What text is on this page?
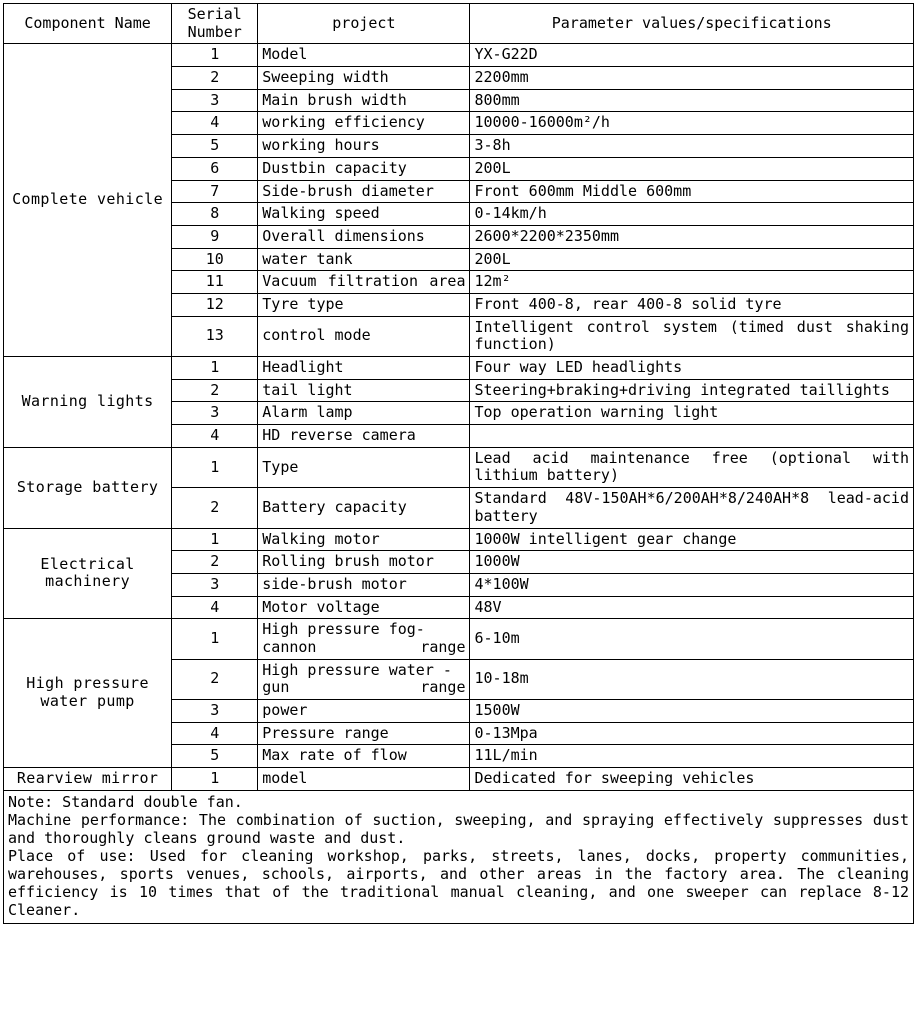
Component Name	Serial Number	project	Parameter values/specifications
Complete vehicle	1	Model	YX-G22D
	2	Sweeping width	2200mm
	3	Main brush width	800mm
	4	working efficiency	10000-16000m²/h
	5	working hours	3-8h
	6	Dustbin capacity	200L
	7	Side-brush diameter	Front 600mm Middle 600mm
	8	Walking speed	0-14km/h
	9	Overall dimensions	2600*2200*2350mm
	10	water tank	200L
	11	Vacuum filtration area	12m²
	12	Tyre type	Front 400-8, rear 400-8 solid tyre
	13	control mode	Intelligent control system (timed dust shaking function)
Warning lights	1	Headlight	Four way LED headlights
	2	tail light	Steering+braking+driving integrated taillights
	3	Alarm lamp	Top operation warning light
	4	HD reverse camera	
Storage battery	1	Type	Lead acid maintenance free (optional with lithium battery)
	2	Battery capacity	Standard 48V-150AH*6/200AH*8/240AH*8 lead-acid battery
Electrical machinery	1	Walking motor	1000W intelligent gear change
	2	Rolling brush motor	1000W
	3	side-brush motor	4*100W
	4	Motor voltage	48V
High pressure water pump	1	High pressure fog-cannon range	6-10m
	2	High pressure water -gun range	10-18m
	3	power	1500W
	4	Pressure range	0-13Mpa
	5	Max rate of flow	11L/min
Rearview mirror	1	model	Dedicated for sweeping vehicles

Note: Standard double fan.

Machine performance: The combination of suction, sweeping, and spraying effectively suppresses dust and thoroughly cleans ground waste and dust.

Place of use: Used for cleaning workshop, parks, streets, lanes, docks, property communities, warehouses, sports venues, schools, airports, and other areas in the factory area. The cleaning efficiency is 10 times that of the traditional manual cleaning, and one sweeper can replace 8-12 Cleaner.
